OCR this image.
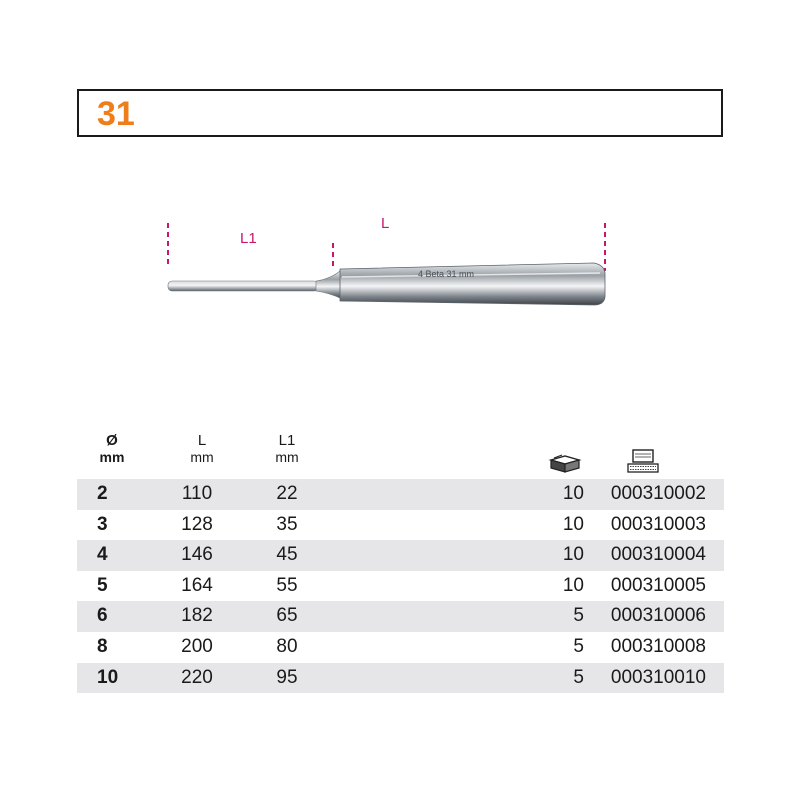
31
4 Beta 31 mm
L1
L
Ø
mm
L
mm
L1
mm
2	110	22	10 000310002
3	128	35	10 000310003
4	146	45	10 000310004
5	164	55	10 000310005
6	182	65	5 000310006
8	200	80	5 000310008
10	220	95	5 000310010
